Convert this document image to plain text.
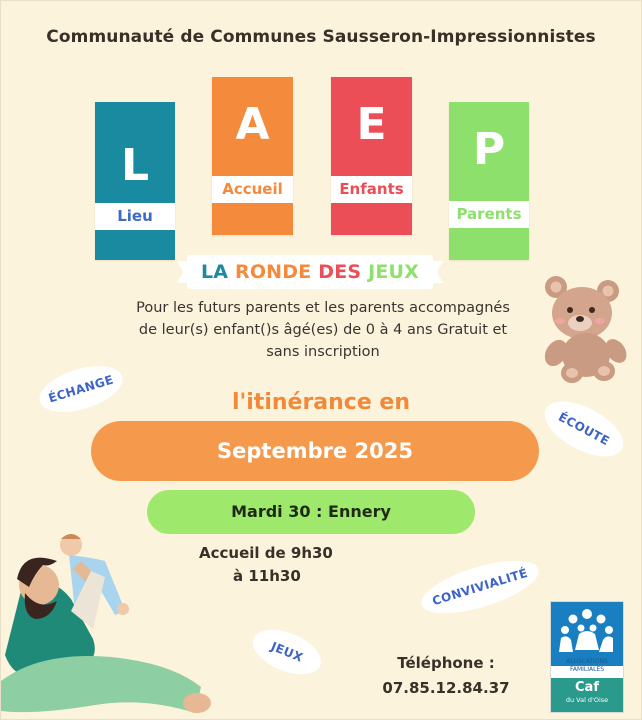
Communauté de Communes Sausseron-Impressionnistes
L
Lieu
A
Accueil
E
Enfants
P
Parents
LA RONDE DES JEUX
Pour les futurs parents et les parents accompagnés
de leur(s) enfant()s âgé(es) de 0 à 4 ans Gratuit et
sans inscription
ÉCHANGE
ÉCOUTE
CONVIVIALITÉ
JEUX
l'itinérance en
Septembre 2025
Mardi 30 : Ennery
Accueil de 9h30
à 11h30
Téléphone :
07.85.12.84.37
ALLOCATIONS
FAMILIALES
Caf
du Val d'Oise
